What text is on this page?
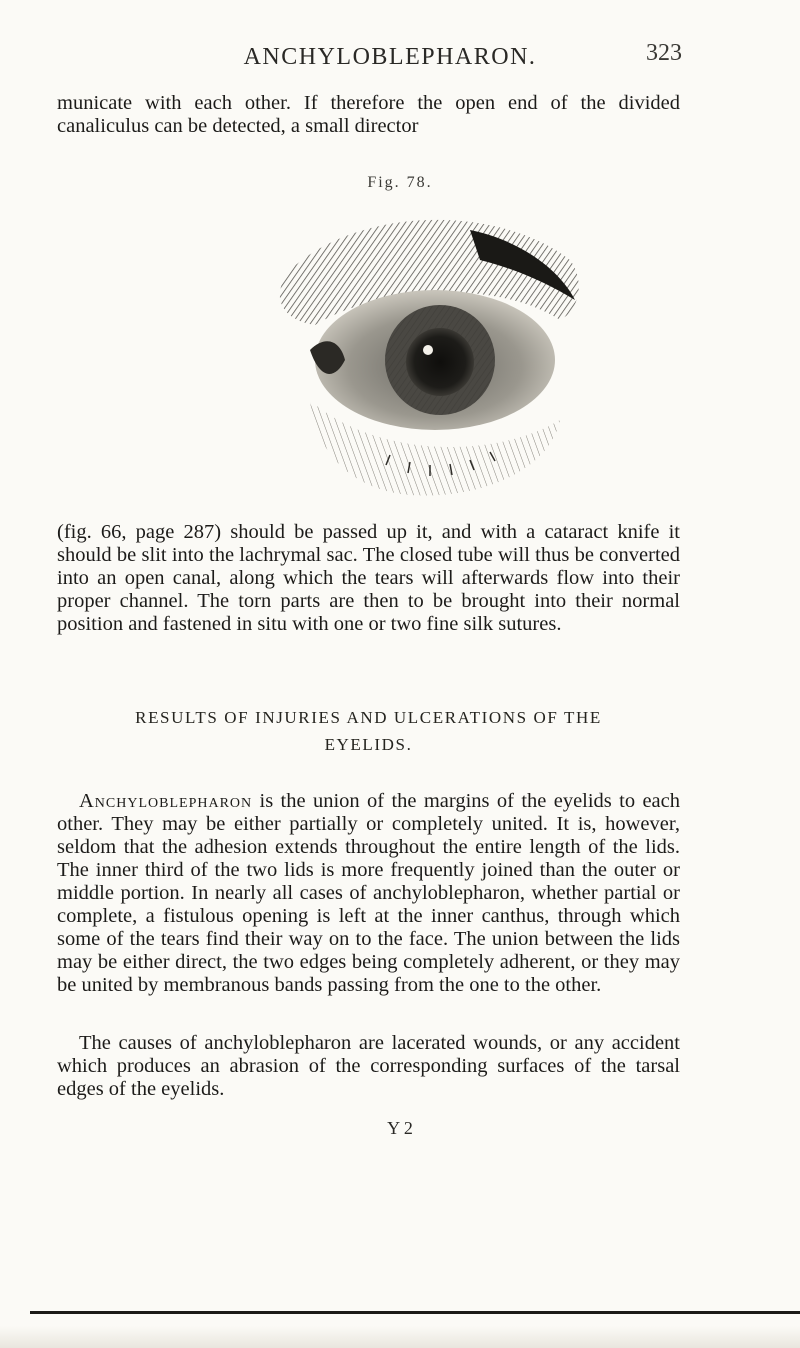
ANCHYLOBLEPHARON.	323

municate with each other. If therefore the open end of the divided canaliculus can be detected, a small director

Fig. 78.

(fig. 66, page 287) should be passed up it, and with a cataract knife it should be slit into the lachrymal sac. The closed tube will thus be converted into an open canal, along which the tears will afterwards flow into their proper channel. The torn parts are then to be brought into their normal position and fastened in situ with one or two fine silk sutures.

RESULTS OF INJURIES AND ULCERATIONS OF THE
EYELIDS.

Anchyloblepharon is the union of the margins of the eyelids to each other. They may be either partially or completely united. It is, however, seldom that the adhesion extends throughout the entire length of the lids. The inner third of the two lids is more frequently joined than the outer or middle portion. In nearly all cases of anchyloblepharon, whether partial or complete, a fistulous opening is left at the inner canthus, through which some of the tears find their way on to the face. The union between the lids may be either direct, the two edges being completely adherent, or they may be united by membranous bands passing from the one to the other.

The causes of anchyloblepharon are lacerated wounds, or any accident which produces an abrasion of the corresponding surfaces of the tarsal edges of the eyelids.

Y 2
